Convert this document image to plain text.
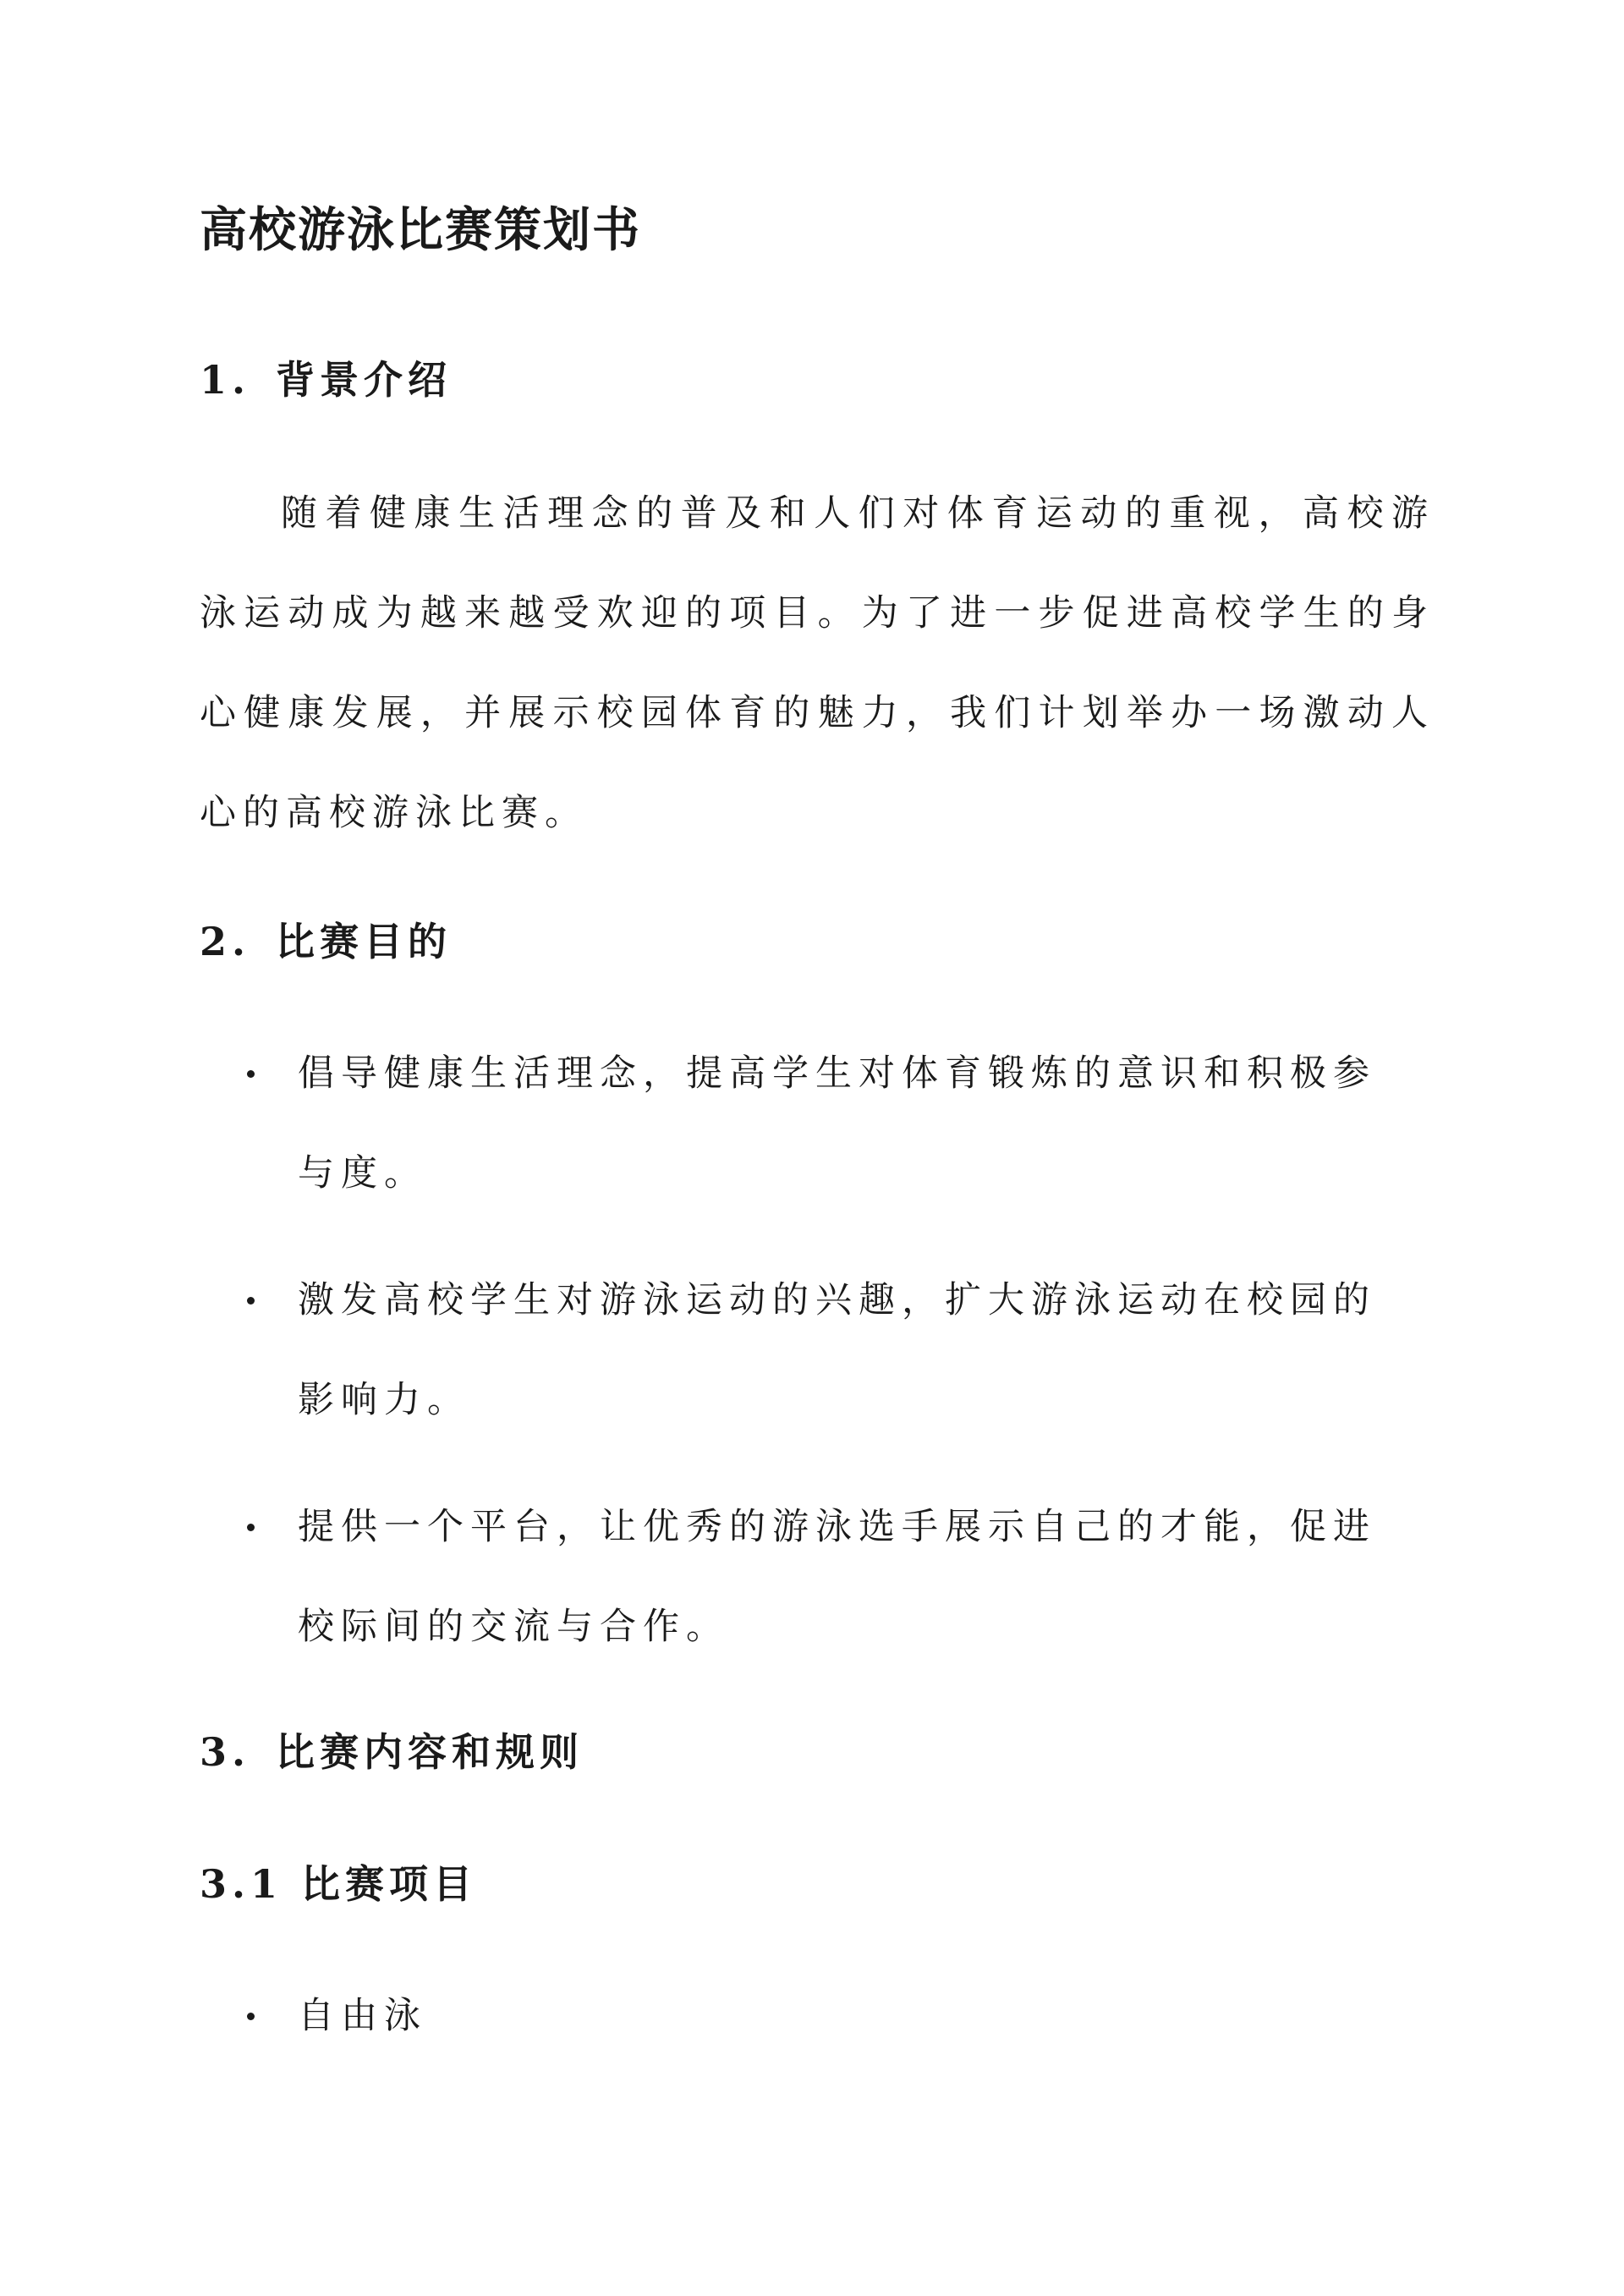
高校游泳比赛策划书
1. 背景介绍

随着健康生活理念的普及和人们对体育运动的重视，高校游泳运动成为越来越受欢迎的项目。为了进一步促进高校学生的身心健康发展，并展示校园体育的魅力，我们计划举办一场激动人心的高校游泳比赛。

2. 比赛目的
倡导健康生活理念，提高学生对体育锻炼的意识和积极参与度。
激发高校学生对游泳运动的兴趣，扩大游泳运动在校园的影响力。
提供一个平台，让优秀的游泳选手展示自己的才能，促进校际间的交流与合作。
3. 比赛内容和规则
3.1 比赛项目
自由泳
